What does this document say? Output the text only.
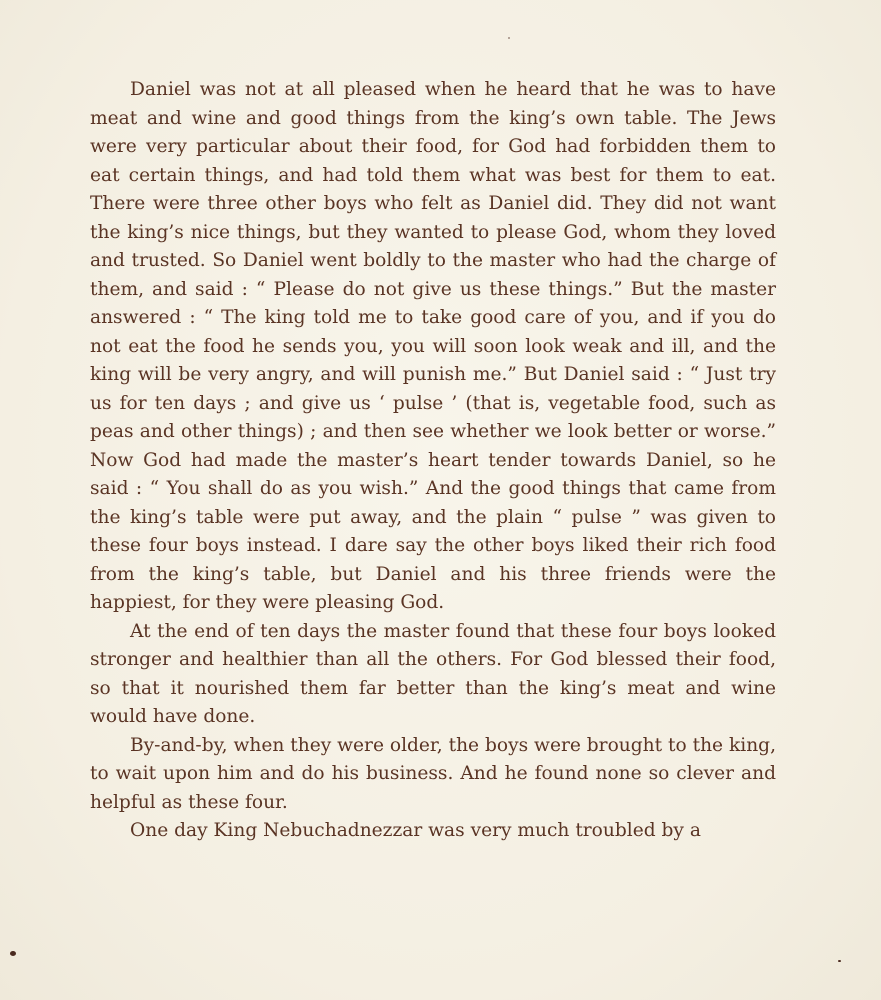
Daniel was not at all pleased when he heard that he was to have meat and wine and good things from the king’s own table. The Jews were very particular about their food, for God had forbidden them to eat certain things, and had told them what was best for them to eat. There were three other boys who felt as Daniel did. They did not want the king’s nice things, but they wanted to please God, whom they loved and trusted. So Daniel went boldly to the master who had the charge of them, and said : “ Please do not give us these things.” But the master answered : “ The king told me to take good care of you, and if you do not eat the food he sends you, you will soon look weak and ill, and the king will be very angry, and will punish me.” But Daniel said : “ Just try us for ten days ; and give us ‘ pulse ’ (that is, vegetable food, such as peas and other things) ; and then see whether we look better or worse.” Now God had made the master’s heart tender towards Daniel, so he said : “ You shall do as you wish.” And the good things that came from the king’s table were put away, and the plain “ pulse ” was given to these four boys instead. I dare say the other boys liked their rich food from the king’s table, but Daniel and his three friends were the happiest, for they were pleasing God.

At the end of ten days the master found that these four boys looked stronger and healthier than all the others. For God blessed their food, so that it nourished them far better than the king’s meat and wine would have done.

By-and-by, when they were older, the boys were brought to the king, to wait upon him and do his business. And he found none so clever and helpful as these four.

One day King Nebuchadnezzar was very much troubled by a
